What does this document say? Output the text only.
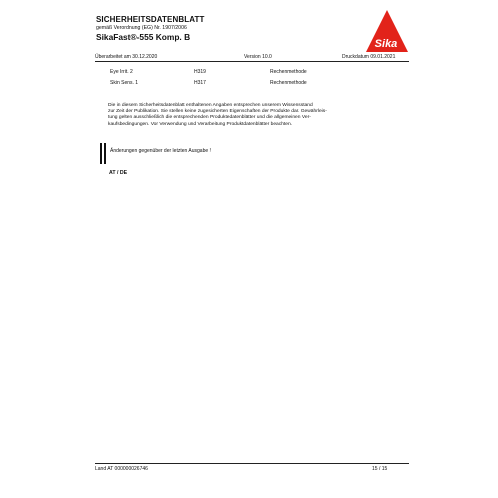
SICHERHEITSDATENBLATT
gemäß Verordnung (EG) Nr. 1907/2006
SikaFast®-555 Komp. B
Sika
Überarbeitet am 30.12.2020	Version 10.0	Druckdatum 09.01.2021
Eye Irrit. 2	H319	Rechenmethode
Skin Sens. 1	H317	Rechenmethode
Die in diesem Sicherheitsdatenblatt enthaltenen Angaben entsprechen unserem Wissensstand
zur Zeit der Publikation. Sie stellen keine zugesicherten Eigenschaften der Produkte dar. Gewährleis-
tung gelten ausschließlich die entsprechenden Produktedatenblätter und die allgemeinen Ver-
kaufsbedingungen. Vor Verwendung und Verarbeitung Produktdatenblätter beachten.
Änderungen gegenüber der letzten Ausgabe !
AT / DE
Land AT 000000026746	15 / 15
